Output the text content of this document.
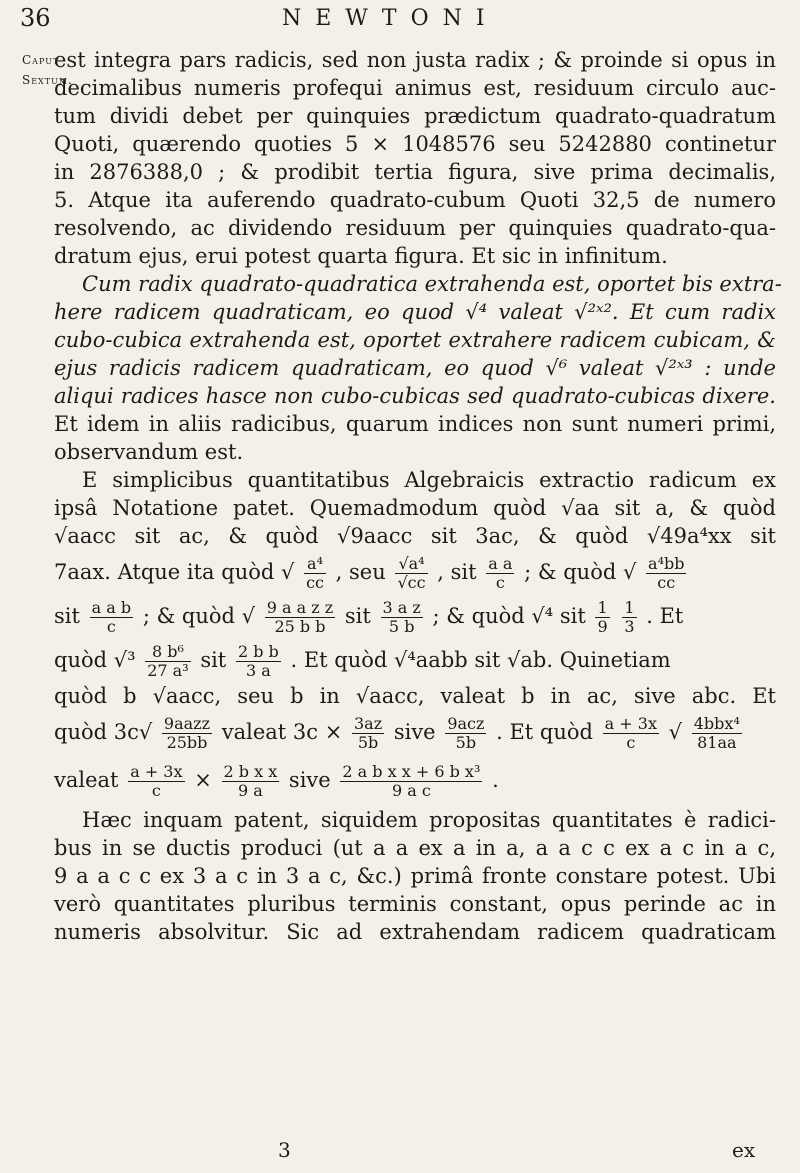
36	NEWTONI
Caput
Sextum.
est integra pars radicis, sed non justa radix ; & proinde si opus in
decimalibus numeris profequi animus est, residuum circulo auc-
tum dividi debet per quinquies prædictum quadrato-quadratum
Quoti, quærendo quoties 5 × 1048576 seu 5242880 continetur
in 2876388,0 ; & prodibit tertia figura, sive prima decimalis,
5. Atque ita auferendo quadrato-cubum Quoti 32,5 de numero
resolvendo, ac dividendo residuum per quinquies quadrato-qua-
dratum ejus, erui potest quarta figura. Et sic in infinitum.
Cum radix quadrato-quadratica extrahenda est, oportet bis extra-
here radicem quadraticam, eo quod √⁴ valeat √²ˣ². Et cum radix
cubo-cubica extrahenda est, oportet extrahere radicem cubicam, &
ejus radicis radicem quadraticam, eo quod √⁶ valeat √²ˣ³ : unde
aliqui radices hasce non cubo-cubicas sed quadrato-cubicas dixere.
Et idem in aliis radicibus, quarum indices non sunt numeri primi,
observandum est.
E simplicibus quantitatibus Algebraicis extractio radicum ex
ipsâ Notatione patet. Quemadmodum quòd √aa sit a, & quòd
√aacc sit ac, & quòd √9aacc sit 3ac, & quòd √49a⁴xx sit
7aax. Atque ita quòd √ $\frac{\text{a⁴}}{cc}$ , seu $\frac{\text{√a⁴}}{√cc}$ , sit $\frac{\text{a a}}{c}$ ; & quòd √ $\frac{\text{a⁴bb}}{cc}$
sit $\frac{\text{a a b}}{c}$ ; & quòd √ $\frac{\text{9 a a z z}}{\text{25 b b}}$ sit $\frac{\text{3 a z}}{5 b}$ ; & quòd √⁴ sit $\frac{1}{9}$
$\frac{1}{3}$ . Et
quòd $√^3 \frac{\text{8 b⁶}}{\text{27 a³}}$ sit $\frac{\text{2 b b}}{3 a}$ . Et quòd √⁴aabb sit √ab. Quinetiam
quòd b √aacc, seu b in √aacc, valeat b in ac, sive abc. Et
quòd 3c√ 9aazz
25bb valeat $3c \times \frac{3az}{5b}$ sive 9acz
5b . Et quòd $\frac{a + 3x}{c}$ √ 4bbx⁴
81aa
valeat $\frac{a + 3x}{c} \times \frac{\text{2 b x x}}{9 a}$ sive $\frac{\text{2 a b x x + 6 b x³}}{\text{9 a c}}$ .
Hæc inquam patent, siquidem propositas quantitates è radici-
bus in se ductis produci (ut a a ex a in a, a a c c ex a c in a c,
9 a a c c ex 3 a c in 3 a c, &c.) primâ fronte constare potest. Ubi
verò quantitates pluribus terminis constant, opus perinde ac in
numeris absolvitur. Sic ad extrahendam radicem quadraticam
3	ex
